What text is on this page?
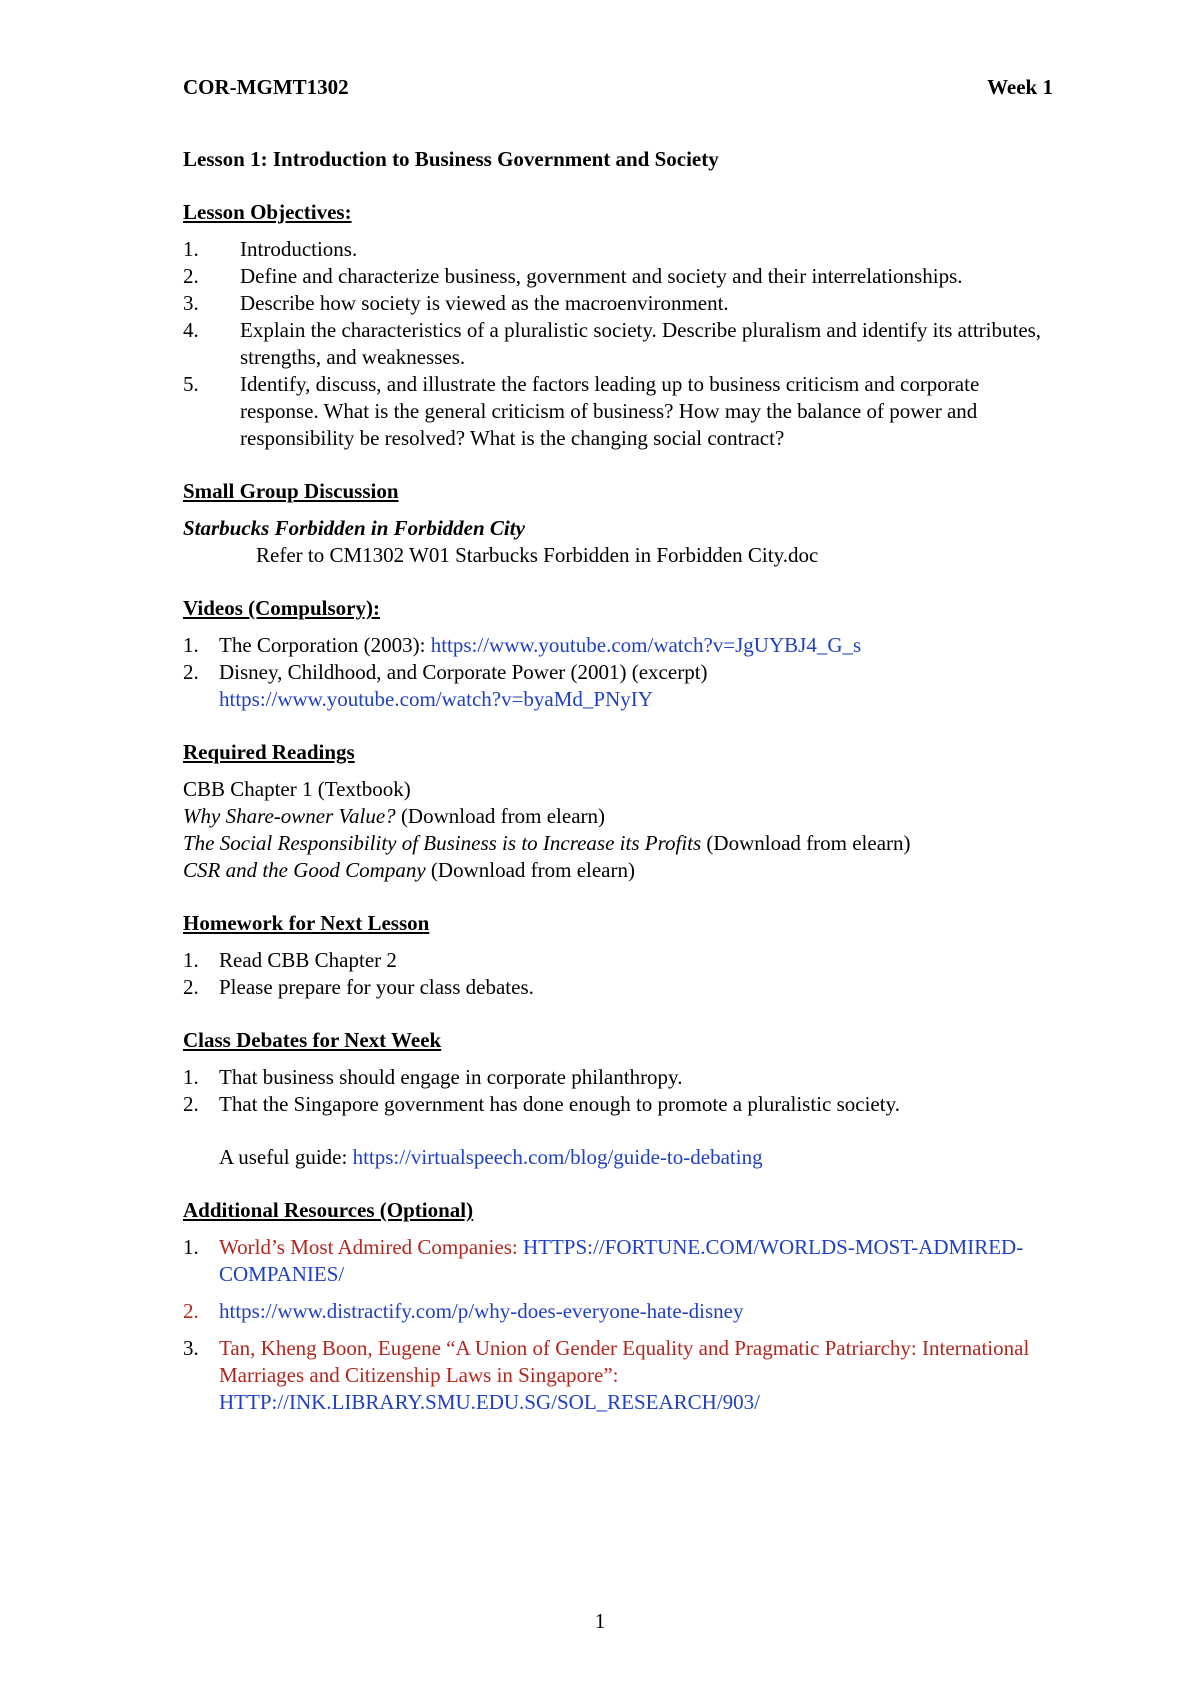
COR-MGMT1302	Week 1

Lesson 1: Introduction to Business Government and Society

Lesson Objectives:

1. Introductions.
2. Define and characterize business, government and society and their interrelationships.
3. Describe how society is viewed as the macroenvironment.
4. Explain the characteristics of a pluralistic society. Describe pluralism and identify its attributes, strengths, and weaknesses.
5. Identify, discuss, and illustrate the factors leading up to business criticism and corporate response. What is the general criticism of business? How may the balance of power and responsibility be resolved? What is the changing social contract?

Small Group Discussion

Starbucks Forbidden in Forbidden City

Refer to CM1302 W01 Starbucks Forbidden in Forbidden City.doc

Videos (Compulsory):

1. The Corporation (2003): https://www.youtube.com/watch?v=JgUYBJ4_G_s
2. Disney, Childhood, and Corporate Power (2001) (excerpt)
https://www.youtube.com/watch?v=byaMd_PNyIY

Required Readings

CBB Chapter 1 (Textbook)

Why Share-owner Value? (Download from elearn)

The Social Responsibility of Business is to Increase its Profits (Download from elearn)

CSR and the Good Company (Download from elearn)

Homework for Next Lesson

1. Read CBB Chapter 2
2. Please prepare for your class debates.

Class Debates for Next Week

1. That business should engage in corporate philanthropy.
2. That the Singapore government has done enough to promote a pluralistic society.

A useful guide: https://virtualspeech.com/blog/guide-to-debating

Additional Resources (Optional)

1. World’s Most Admired Companies: HTTPS://FORTUNE.COM/WORLDS-MOST-ADMIRED-COMPANIES/
2. https://www.distractify.com/p/why-does-everyone-hate-disney
3. Tan, Kheng Boon, Eugene “A Union of Gender Equality and Pragmatic Patriarchy: International Marriages and Citizenship Laws in Singapore”: HTTP://INK.LIBRARY.SMU.EDU.SG/SOL_RESEARCH/903/
1
